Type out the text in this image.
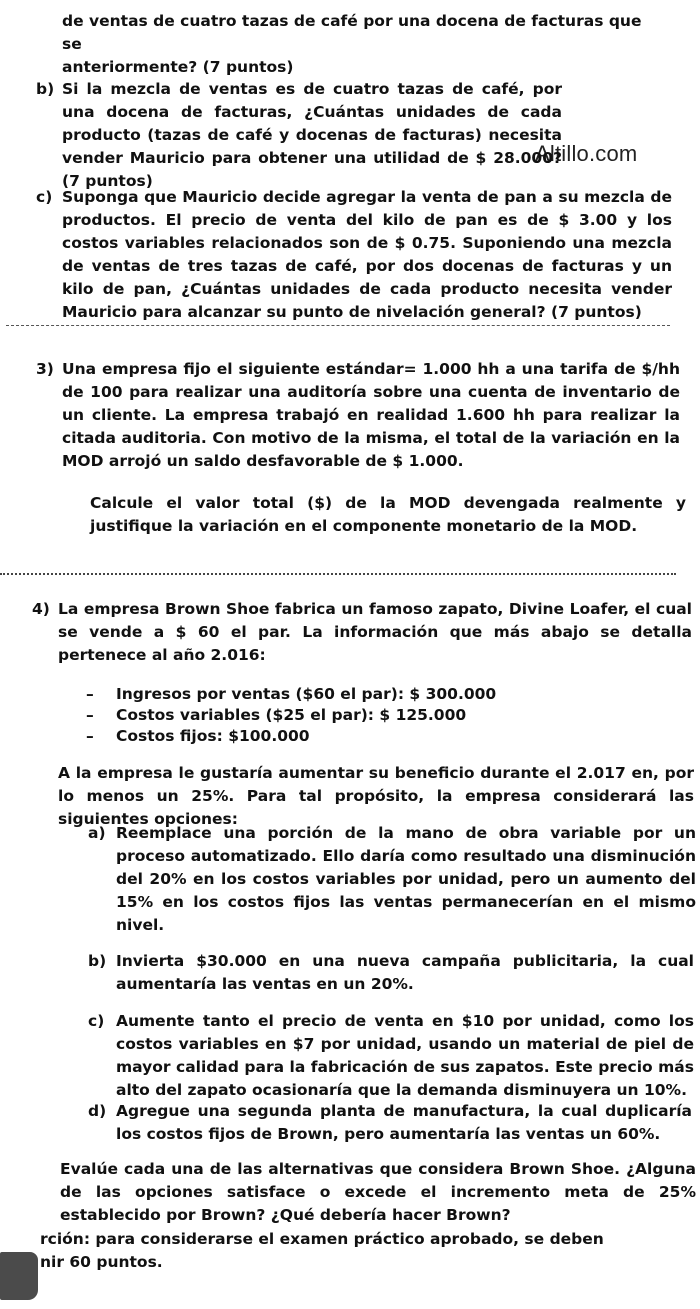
Altillo.com
de ventas de cuatro tazas de café por una docena de facturas que se
anteriormente? (7 puntos)
b) Si la mezcla de ventas es de cuatro tazas de café, por una docena de facturas, ¿Cuántas unidades de cada producto (tazas de café y docenas de facturas) necesita vender Mauricio para obtener una utilidad de $ 28.000? (7 puntos)
c) Suponga que Mauricio decide agregar la venta de pan a su mezcla de productos. El precio de venta del kilo de pan es de $ 3.00 y los costos variables relacionados son de $ 0.75. Suponiendo una mezcla de ventas de tres tazas de café, por dos docenas de facturas y un kilo de pan, ¿Cuántas unidades de cada producto necesita vender Mauricio para alcanzar su punto de nivelación general? (7 puntos)
3) Una empresa fijo el siguiente estándar= 1.000 hh a una tarifa de $/hh de 100 para realizar una auditoría sobre una cuenta de inventario de un cliente. La empresa trabajó en realidad 1.600 hh para realizar la citada auditoria. Con motivo de la misma, el total de la variación en la MOD arrojó un saldo desfavorable de $ 1.000.
Calcule el valor total ($) de la MOD devengada realmente y justifique la variación en el componente monetario de la MOD.
4) La empresa Brown Shoe fabrica un famoso zapato, Divine Loafer, el cual se vende a $ 60 el par. La información que más abajo se detalla pertenece al año 2.016:
– Ingresos por ventas ($60 el par): $ 300.000
– Costos variables ($25 el par): $ 125.000
– Costos fijos: $100.000
A la empresa le gustaría aumentar su beneficio durante el 2.017 en, por lo menos un 25%. Para tal propósito, la empresa considerará las siguientes opciones:
a) Reemplace una porción de la mano de obra variable por un proceso automatizado. Ello daría como resultado una disminución del 20% en los costos variables por unidad, pero un aumento del 15% en los costos fijos las ventas permanecerían en el mismo nivel.
b) Invierta $30.000 en una nueva campaña publicitaria, la cual aumentaría las ventas en un 20%.
c) Aumente tanto el precio de venta en $10 por unidad, como los costos variables en $7 por unidad, usando un material de piel de mayor calidad para la fabricación de sus zapatos. Este precio más alto del zapato ocasionaría que la demanda disminuyera un 10%.
d) Agregue una segunda planta de manufactura, la cual duplicaría los costos fijos de Brown, pero aumentaría las ventas un 60%.
Evalúe cada una de las alternativas que considera Brown Shoe. ¿Alguna de las opciones satisface o excede el incremento meta de 25% establecido por Brown? ¿Qué debería hacer Brown?
rción: para considerarse el examen práctico aprobado, se deben
nir 60 puntos.
